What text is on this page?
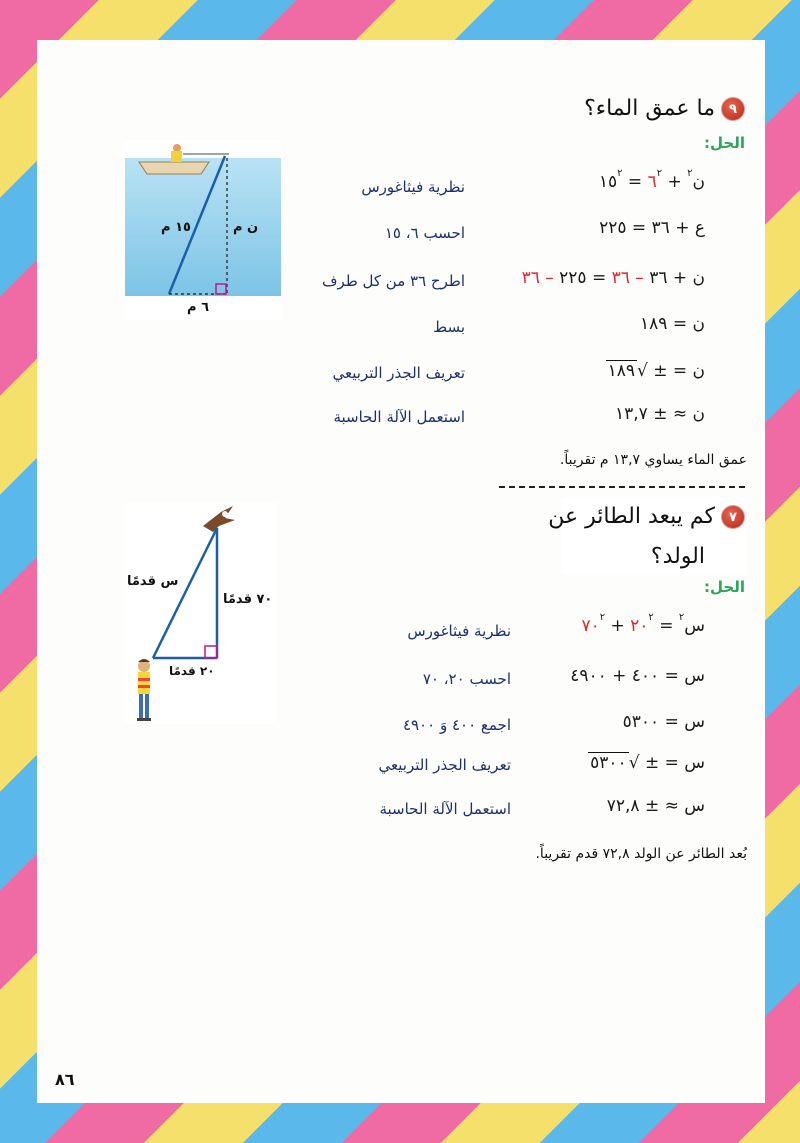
٩
ما عمق الماء؟
الحل:
١٥ م	ن م
٦ م
ن$^٢$ + $٦^٢$ = $١٥^٢$
نظرية فيثاغورس
ع + ٣٦ = ٢٢٥
احسب ٦، ١٥
ن + ٣٦ – ٣٦ = ٢٢٥ – ٣٦
اطرح ٣٦ من كل طرف
ن = ١٨٩
بسط
ن = ± √١٨٩
تعريف الجذر التربيعي
ن ≈ ± ١٣,٧
استعمل الآلة الحاسبة
عمق الماء يساوي ١٣,٧ م تقريباً.
٧
كم يبعد الطائر عن
الولد؟
الحل:
٢٠ قدمًا
س قدمًا
٧٠ قدمًا
س$^٢$ = $٢٠^٢$ + $٧٠^٢$
نظرية فيثاغورس
س = ٤٠٠ + ٤٩٠٠
احسب ٢٠، ٧٠
س = ٥٣٠٠
اجمع ٤٠٠ وَ ٤٩٠٠
س = ± √٥٣٠٠
تعريف الجذر التربيعي
س ≈ ± ٧٢,٨
استعمل الآلة الحاسبة
بُعد الطائر عن الولد ٧٢,٨ قدم تقريباً.
٨٦
